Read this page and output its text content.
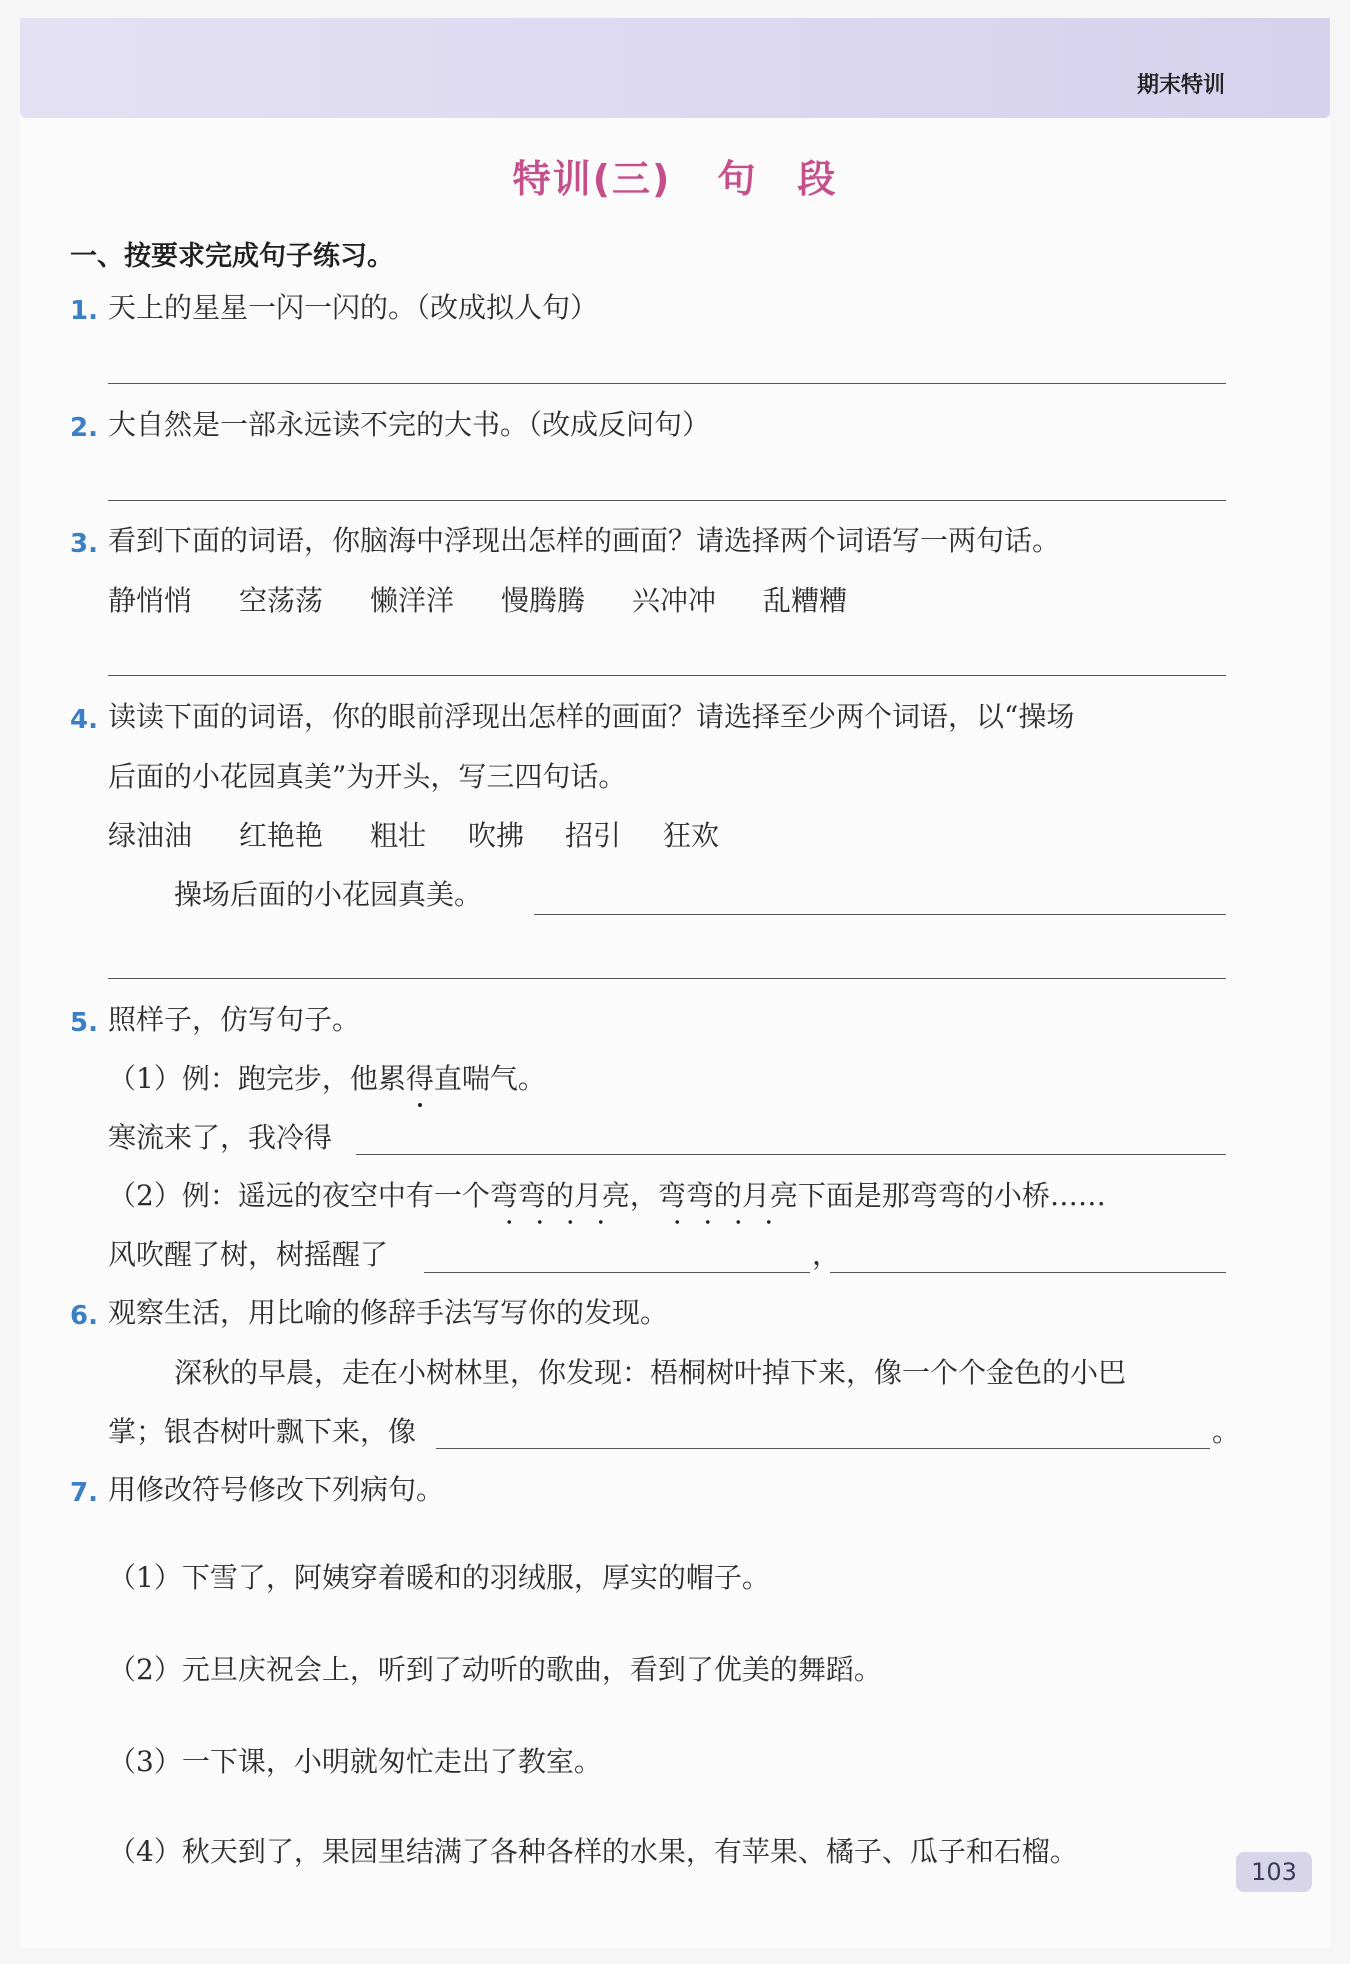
期末特训
特训(三) 句　段
一、按要求完成句子练习。
1. 天上的星星一闪一闪的。（改成拟人句）
2. 大自然是一部永远读不完的大书。（改成反问句）
3. 看到下面的词语，你脑海中浮现出怎样的画面？请选择两个词语写一两句话。
静悄悄 空荡荡 懒洋洋 慢腾腾 兴冲冲 乱糟糟
4. 读读下面的词语，你的眼前浮现出怎样的画面？请选择至少两个词语，以“操场
后面的小花园真美”为开头，写三四句话。
绿油油 红艳艳 粗壮 吹拂 招引 狂欢
操场后面的小花园真美。
5. 照样子，仿写句子。
（1）例：跑完步，他累得直喘气。
寒流来了，我冷得
（2）例：遥远的夜空中有一个弯弯的月亮，弯弯的月亮下面是那弯弯的小桥……
风吹醒了树，树摇醒了	，
6. 观察生活，用比喻的修辞手法写写你的发现。
深秋的早晨，走在小树林里，你发现：梧桐树叶掉下来，像一个个金色的小巴
掌；银杏树叶飘下来，像	。
7. 用修改符号修改下列病句。
（1）下雪了，阿姨穿着暖和的羽绒服，厚实的帽子。
（2）元旦庆祝会上，听到了动听的歌曲，看到了优美的舞蹈。
（3）一下课，小明就匆忙走出了教室。
（4）秋天到了，果园里结满了各种各样的水果，有苹果、橘子、瓜子和石榴。
103
